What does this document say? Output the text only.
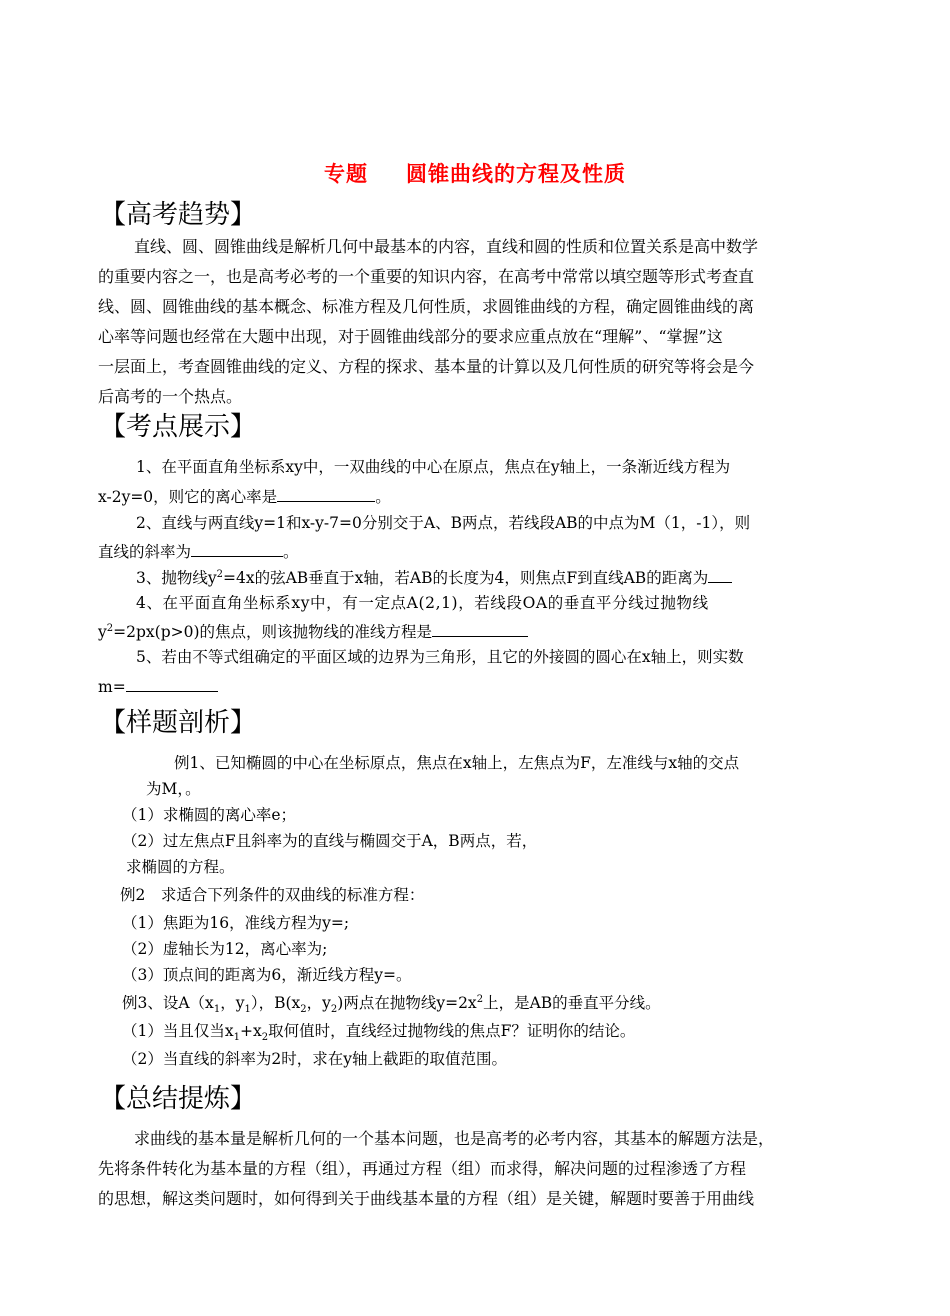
专题 圆锥曲线的方程及性质
【高考趋势】

直线、圆、圆锥曲线是解析几何中最基本的内容，直线和圆的性质和位置关系是高中数学

的重要内容之一，也是高考必考的一个重要的知识内容，在高考中常常以填空题等形式考查直

线、圆、圆锥曲线的基本概念、标准方程及几何性质，求圆锥曲线的方程，确定圆锥曲线的离

心率等问题也经常在大题中出现，对于圆锥曲线部分的要求应重点放在“理解”、“掌握”这

一层面上，考查圆锥曲线的定义、方程的探求、基本量的计算以及几何性质的研究等将会是今

后高考的一个热点。

【考点展示】
1、在平面直角坐标系xy中，一双曲线的中心在原点，焦点在y轴上，一条渐近线方程为
x-2y=0，则它的离心率是	。
2、直线与两直线y=1和x-y-7=0分别交于A、B两点，若线段AB的中点为M（1，-1），则
直线的斜率为	。
3、抛物线$y^2=4x$的弦AB垂直于x轴，若AB的长度为4，则焦点F到直线AB的距离为
4、在平面直角坐标系xy中，有一定点A(2,1)，若线段OA的垂直平分线过抛物线
$y^2=2px(p>0)$的焦点，则该抛物线的准线方程是
5、若由不等式组确定的平面区域的边界为三角形，且它的外接圆的圆心在x轴上，则实数
m=
【样题剖析】
例1、已知椭圆的中心在坐标原点，焦点在x轴上，左焦点为F，左准线与x轴的交点
为M，。
（1）求椭圆的离心率e；
（2）过左焦点F且斜率为的直线与椭圆交于A，B两点，若，
求椭圆的方程。
例2　求适合下列条件的双曲线的标准方程：
（1）焦距为16，准线方程为y=;
（2）虚轴长为12，离心率为;
（3）顶点间的距离为6，渐近线方程y=。
例3、设$A(x_1$，$y_1$），$B(x_2$，$y_2$)两点在抛物线$y=2x^2$上，是AB的垂直平分线。
（1）当且仅当$x_1+x_2$取何值时，直线经过抛物线的焦点F？证明你的结论。
（2）当直线的斜率为2时，求在y轴上截距的取值范围。
【总结提炼】

求曲线的基本量是解析几何的一个基本问题，也是高考的必考内容，其基本的解题方法是，

先将条件转化为基本量的方程（组），再通过方程（组）而求得，解决问题的过程渗透了方程

的思想，解这类问题时，如何得到关于曲线基本量的方程（组）是关键，解题时要善于用曲线
